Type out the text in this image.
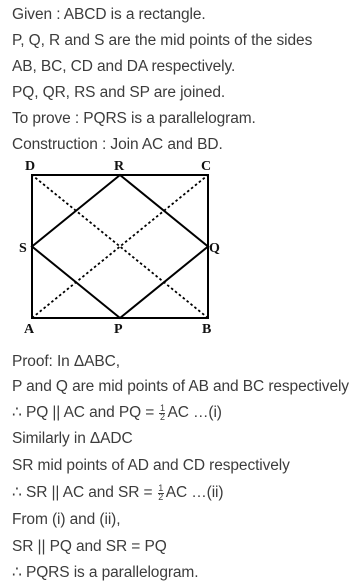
Given : ABCD is a rectangle.
P, Q, R and S are the mid points of the sides
AB, BC, CD and DA respectively.
PQ, QR, RS and SP are joined.
To prove : PQRS is a parallelogram.
Construction : Join AC and BD.
D	R	C
S	Q
A	P	B
Proof: In ΔABC,
P and Q are mid points of AB and BC respectively
∴ PQ || AC and PQ = $\frac{1}{2}$ AC …(i)
Similarly in ΔADC
SR mid points of AD and CD respectively
∴ SR || AC and SR = $\frac{1}{2}$ AC …(ii)
From (i) and (ii),
SR || PQ and SR = PQ
∴ PQRS is a parallelogram.
